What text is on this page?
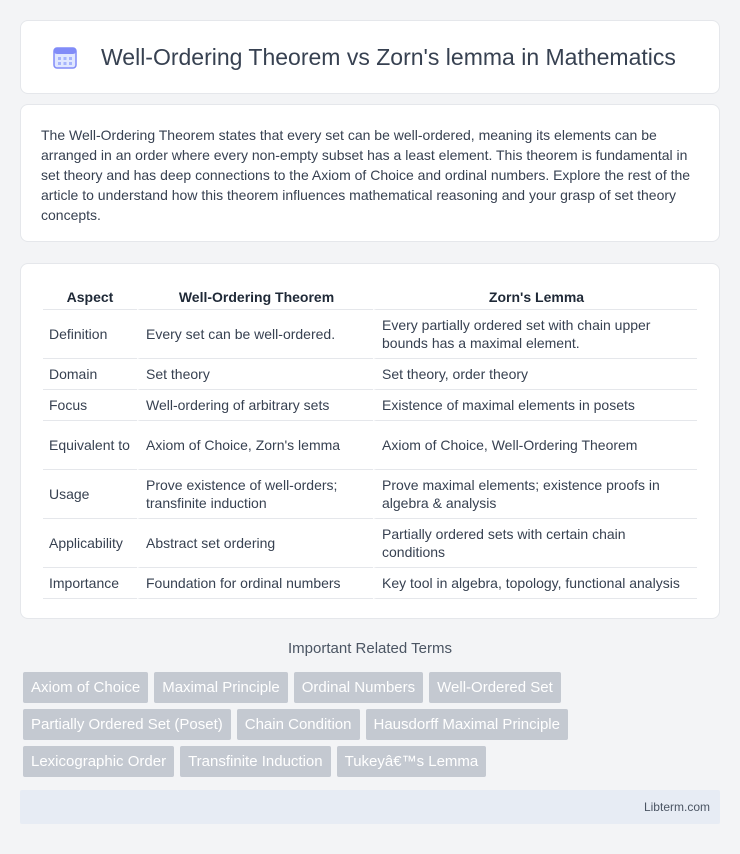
Well-Ordering Theorem vs Zorn's lemma in Mathematics

The Well-Ordering Theorem states that every set can be well-ordered, meaning its elements can be arranged in an order where every non-empty subset has a least element. This theorem is fundamental in set theory and has deep connections to the Axiom of Choice and ordinal numbers. Explore the rest of the article to understand how this theorem influences mathematical reasoning and your grasp of set theory concepts.

Aspect	Well-Ordering Theorem	Zorn's Lemma
Definition	Every set can be well-ordered.	Every partially ordered set with chain upper bounds has a maximal element.
Domain	Set theory	Set theory, order theory
Focus	Well-ordering of arbitrary sets	Existence of maximal elements in posets
Equivalent to	Axiom of Choice, Zorn's lemma	Axiom of Choice, Well-Ordering Theorem
Usage	Prove existence of well-orders; transfinite induction	Prove maximal elements; existence proofs in algebra & analysis
Applicability	Abstract set ordering	Partially ordered sets with certain chain conditions
Importance	Foundation for ordinal numbers	Key tool in algebra, topology, functional analysis
Important Related Terms
Axiom of Choice	Maximal Principle	Ordinal Numbers	Well-Ordered Set
Partially Ordered Set (Poset)	Chain Condition	Hausdorff Maximal Principle
Lexicographic Order	Transfinite Induction	Tukeyâ€™s Lemma
Libterm.com
